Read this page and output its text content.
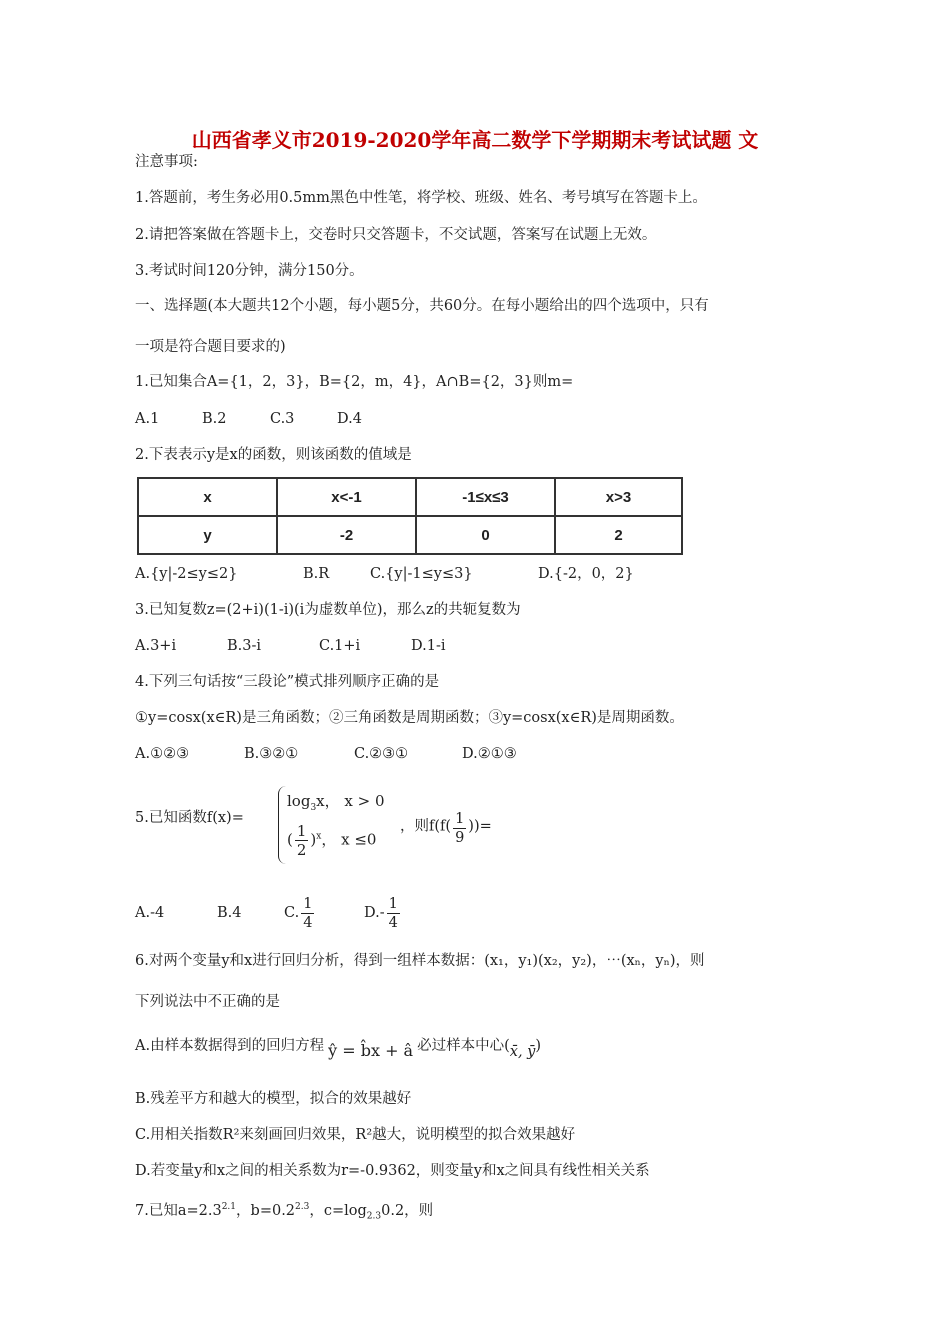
山西省孝义市2019-2020学年高二数学下学期期末考试试题 文
注意事项:
1.答题前，考生务必用0.5mm黑色中性笔，将学校、班级、姓名、考号填写在答题卡上。
2.请把答案做在答题卡上，交卷时只交答题卡，不交试题，答案写在试题上无效。
3.考试时间120分钟，满分150分。
一、选择题(本大题共12个小题，每小题5分，共60分。在每小题给出的四个选项中，只有
一项是符合题目要求的)
1.已知集合A={1，2，3}，B={2，m，4}，A∩B={2，3}则m=
A.1	B.2	C.3	D.4
2.下表表示y是x的函数，则该函数的值域是
x	x<-1	-1≤x≤3	x>3
y	-2	0	2
A.{y|-2≤y≤2}	B.R	C.{y|-1≤y≤3}	D.{-2，0，2}
3.已知复数z=(2+i)(1-i)(i为虚数单位)，那么z的共轭复数为
A.3+i	B.3-i	C.1+i	D.1-i
4.下列三句话按“三段论”模式排列顺序正确的是
①y=cosx(x∈R)是三角函数；②三角函数是周期函数；③y=cosx(x∈R)是周期函数。
A.①②③	B.③②①	C.②③①	D.②①③
5.已知函数f(x)=
$\log_3x$， x > 0
( $\frac{1}{2} )^x$， x ≤0
，则$f(f( \frac{1}{9}$ ))=
A.-4	B.4	C. $\frac{1}{4}$	$D.- \frac{1}{4}$
6.对两个变量y和x进行回归分析，得到一组样本数据：(x₁，y₁)(x₂，y₂)，⋯(xₙ，yₙ)，则
下列说法中不正确的是
A.由样本数据得到的回归方程 ŷ = b̂x + â 必过样本中心(x̄, ȳ)
B.残差平方和越大的模型，拟合的效果越好
C.用相关指数R²来刻画回归效果，R²越大，说明模型的拟合效果越好
D.若变量y和x之间的相关系数为r=-0.9362，则变量y和x之间具有线性相关关系
7.已知$a=2.3^{2.1}$，$b=0.2^{2.3}$，$c=\log_{2.3}0.2$，则
